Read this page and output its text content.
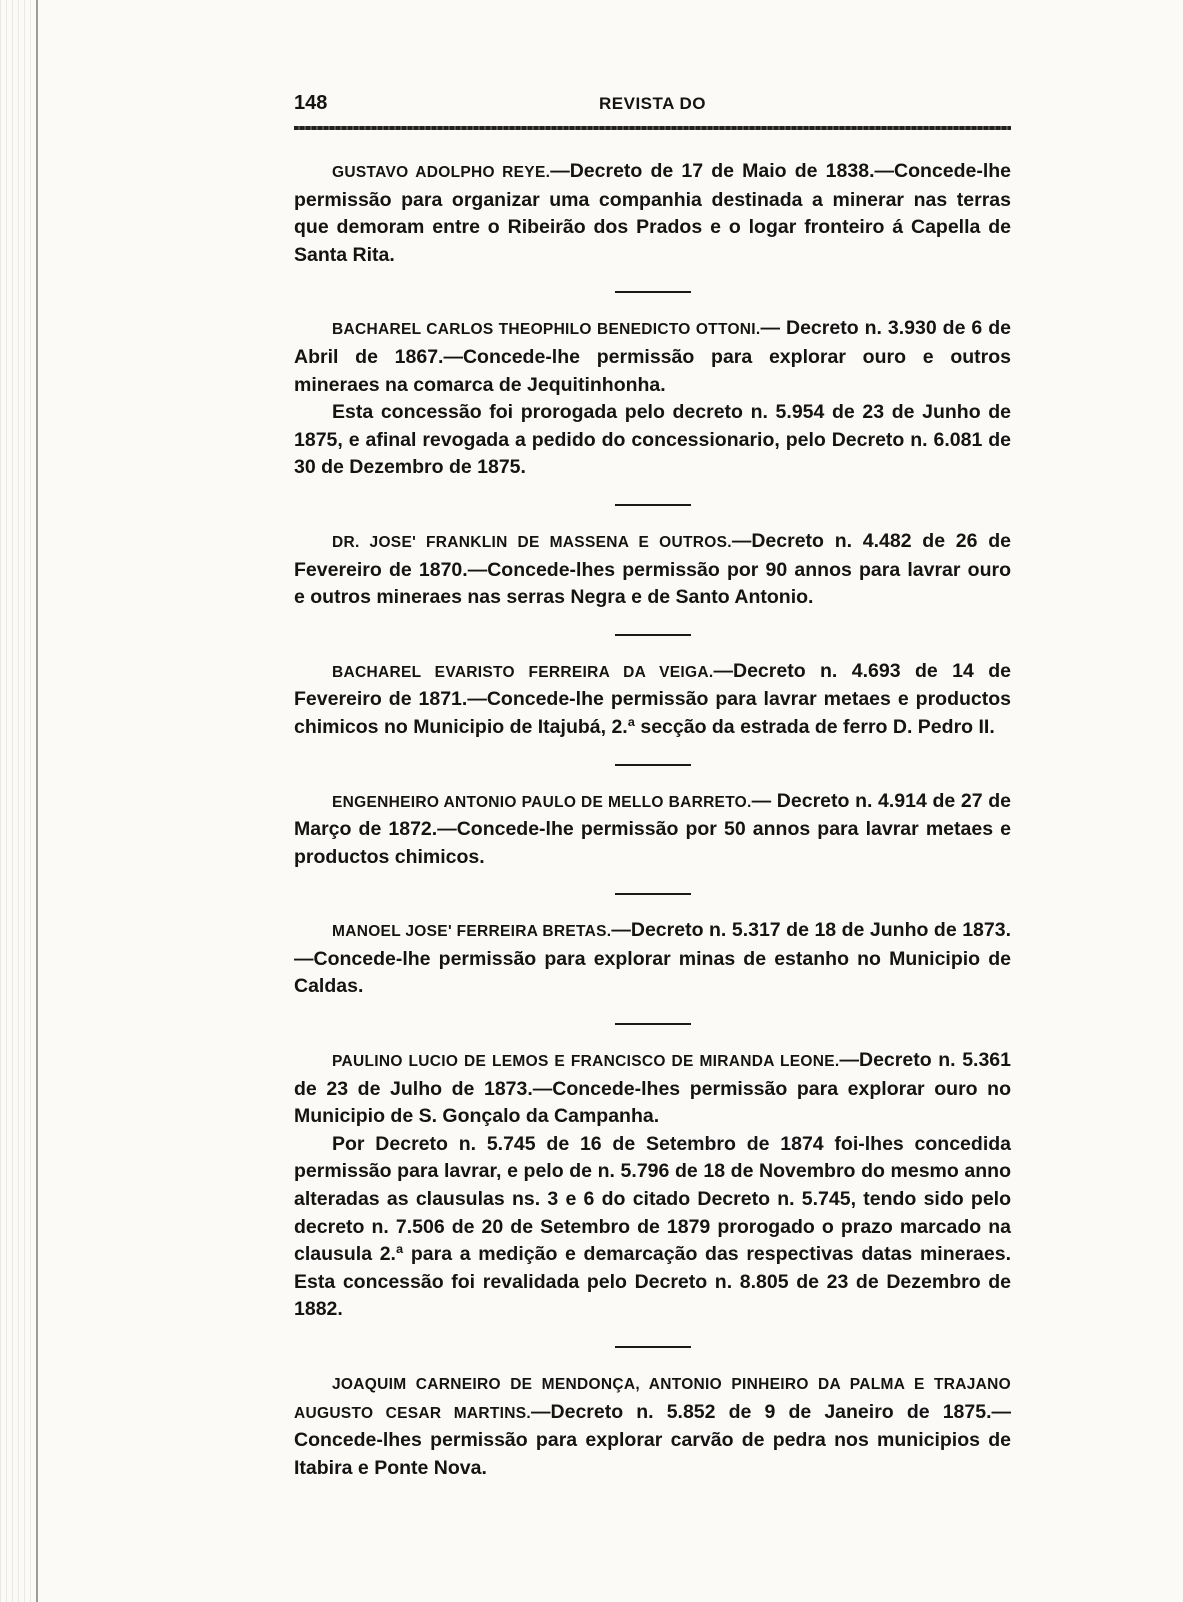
148	REVISTA DO

GUSTAVO ADOLPHO REYE.—Decreto de 17 de Maio de 1838.—Concede-lhe permissão para organizar uma companhia destinada a minerar nas terras que demoram entre o Ribeirão dos Prados e o logar fronteiro á Capella de Santa Rita.

BACHAREL CARLOS THEOPHILO BENEDICTO OTTONI.— Decreto n. 3.930 de 6 de Abril de 1867.—Concede-lhe permissão para explorar ouro e outros mineraes na comarca de Jequitinhonha.

Esta concessão foi prorogada pelo decreto n. 5.954 de 23 de Junho de 1875, e afinal revogada a pedido do concessionario, pelo Decreto n. 6.081 de 30 de Dezembro de 1875.

DR. JOSE' FRANKLIN DE MASSENA E OUTROS.—Decreto n. 4.482 de 26 de Fevereiro de 1870.—Concede-lhes permissão por 90 annos para lavrar ouro e outros mineraes nas serras Negra e de Santo Antonio.

BACHAREL EVARISTO FERREIRA DA VEIGA.—Decreto n. 4.693 de 14 de Fevereiro de 1871.—Concede-lhe permissão para lavrar metaes e productos chimicos no Municipio de Itajubá, 2.ª secção da estrada de ferro D. Pedro II.

ENGENHEIRO ANTONIO PAULO DE MELLO BARRETO.— Decreto n. 4.914 de 27 de Março de 1872.—Concede-lhe permissão por 50 annos para lavrar metaes e productos chimicos.

MANOEL JOSE' FERREIRA BRETAS.—Decreto n. 5.317 de 18 de Junho de 1873.—Concede-lhe permissão para explorar minas de estanho no Municipio de Caldas.

PAULINO LUCIO DE LEMOS E FRANCISCO DE MIRANDA LEONE.—Decreto n. 5.361 de 23 de Julho de 1873.—Concede-lhes permissão para explorar ouro no Municipio de S. Gonçalo da Campanha.

Por Decreto n. 5.745 de 16 de Setembro de 1874 foi-lhes concedida permissão para lavrar, e pelo de n. 5.796 de 18 de Novembro do mesmo anno alteradas as clausulas ns. 3 e 6 do citado Decreto n. 5.745, tendo sido pelo decreto n. 7.506 de 20 de Setembro de 1879 prorogado o prazo marcado na clausula 2.ª para a medição e demarcação das respectivas datas mineraes. Esta concessão foi revalidada pelo Decreto n. 8.805 de 23 de Dezembro de 1882.

JOAQUIM CARNEIRO DE MENDONÇA, ANTONIO PINHEIRO DA PALMA E TRAJANO AUGUSTO CESAR MARTINS.—Decreto n. 5.852 de 9 de Janeiro de 1875.—Concede-lhes permissão para explorar carvão de pedra nos municipios de Itabira e Ponte Nova.
